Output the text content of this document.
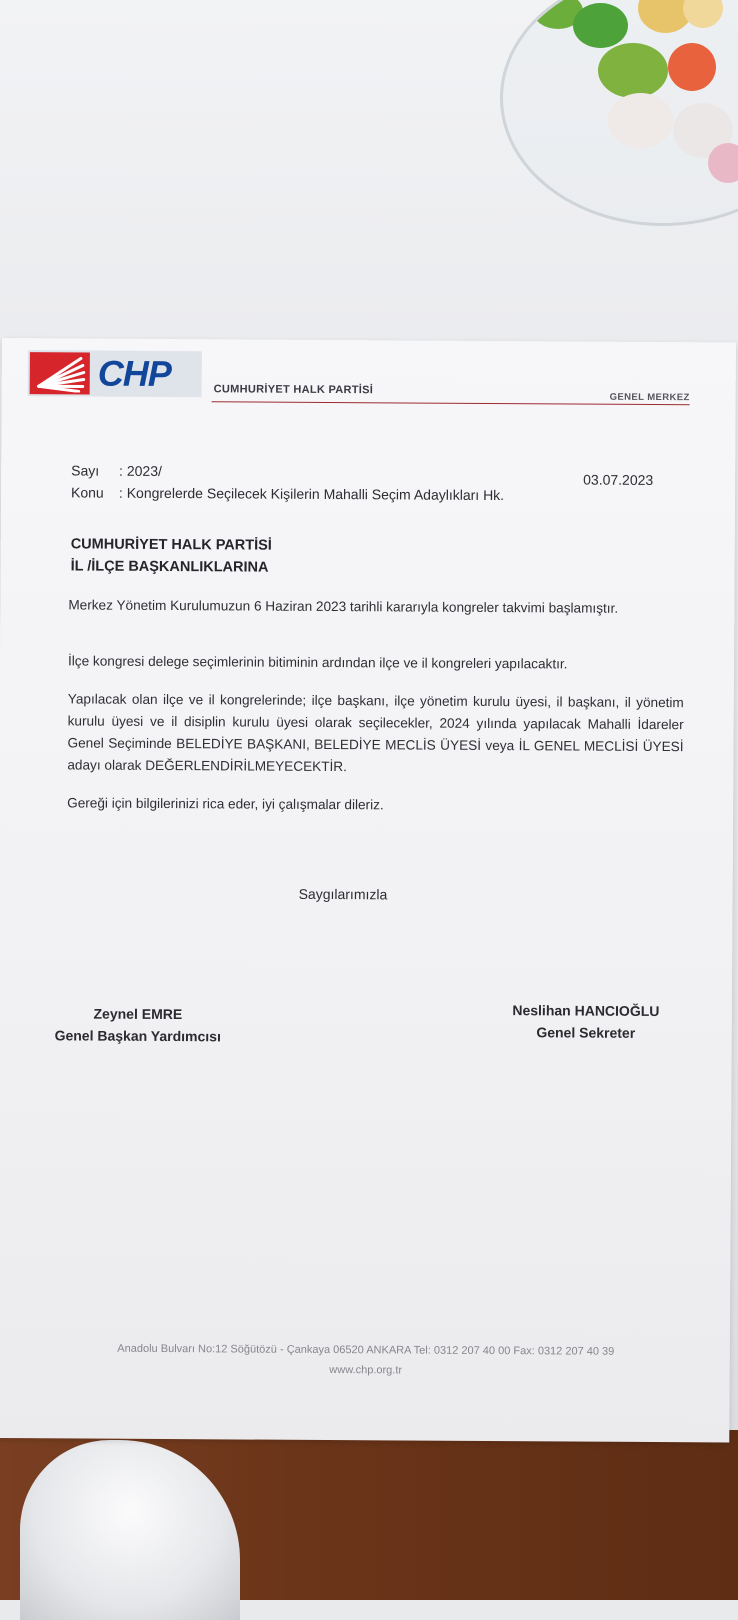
CHP	CUMHURİYET HALK PARTİSİ
GENEL MERKEZ
Sayı : 2023/
03.07.2023
Konu : Kongrelerde Seçilecek Kişilerin Mahalli Seçim Adaylıkları Hk.
CUMHURİYET HALK PARTİSİ
İL /İLÇE BAŞKANLIKLARINA
Merkez Yönetim Kurulumuzun 6 Haziran 2023 tarihli kararıyla kongreler takvimi başlamıştır.
İlçe kongresi delege seçimlerinin bitiminin ardından ilçe ve il kongreleri yapılacaktır.
Yapılacak olan ilçe ve il kongrelerinde; ilçe başkanı, ilçe yönetim kurulu üyesi, il başkanı, il yönetim kurulu üyesi ve il disiplin kurulu üyesi olarak seçilecekler, 2024 yılında yapılacak Mahalli İdareler Genel Seçiminde BELEDİYE BAŞKANI, BELEDİYE MECLİS ÜYESİ veya İL GENEL MECLİSİ ÜYESİ adayı olarak DEĞERLENDİRİLMEYECEKTİR.
Gereği için bilgilerinizi rica eder, iyi çalışmalar dileriz.
Saygılarımızla
Zeynel EMRE
Genel Başkan Yardımcısı
Neslihan HANCIOĞLU
Genel Sekreter
Anadolu Bulvarı No:12 Söğütözü - Çankaya 06520 ANKARA Tel: 0312 207 40 00 Fax: 0312 207 40 39
www.chp.org.tr
